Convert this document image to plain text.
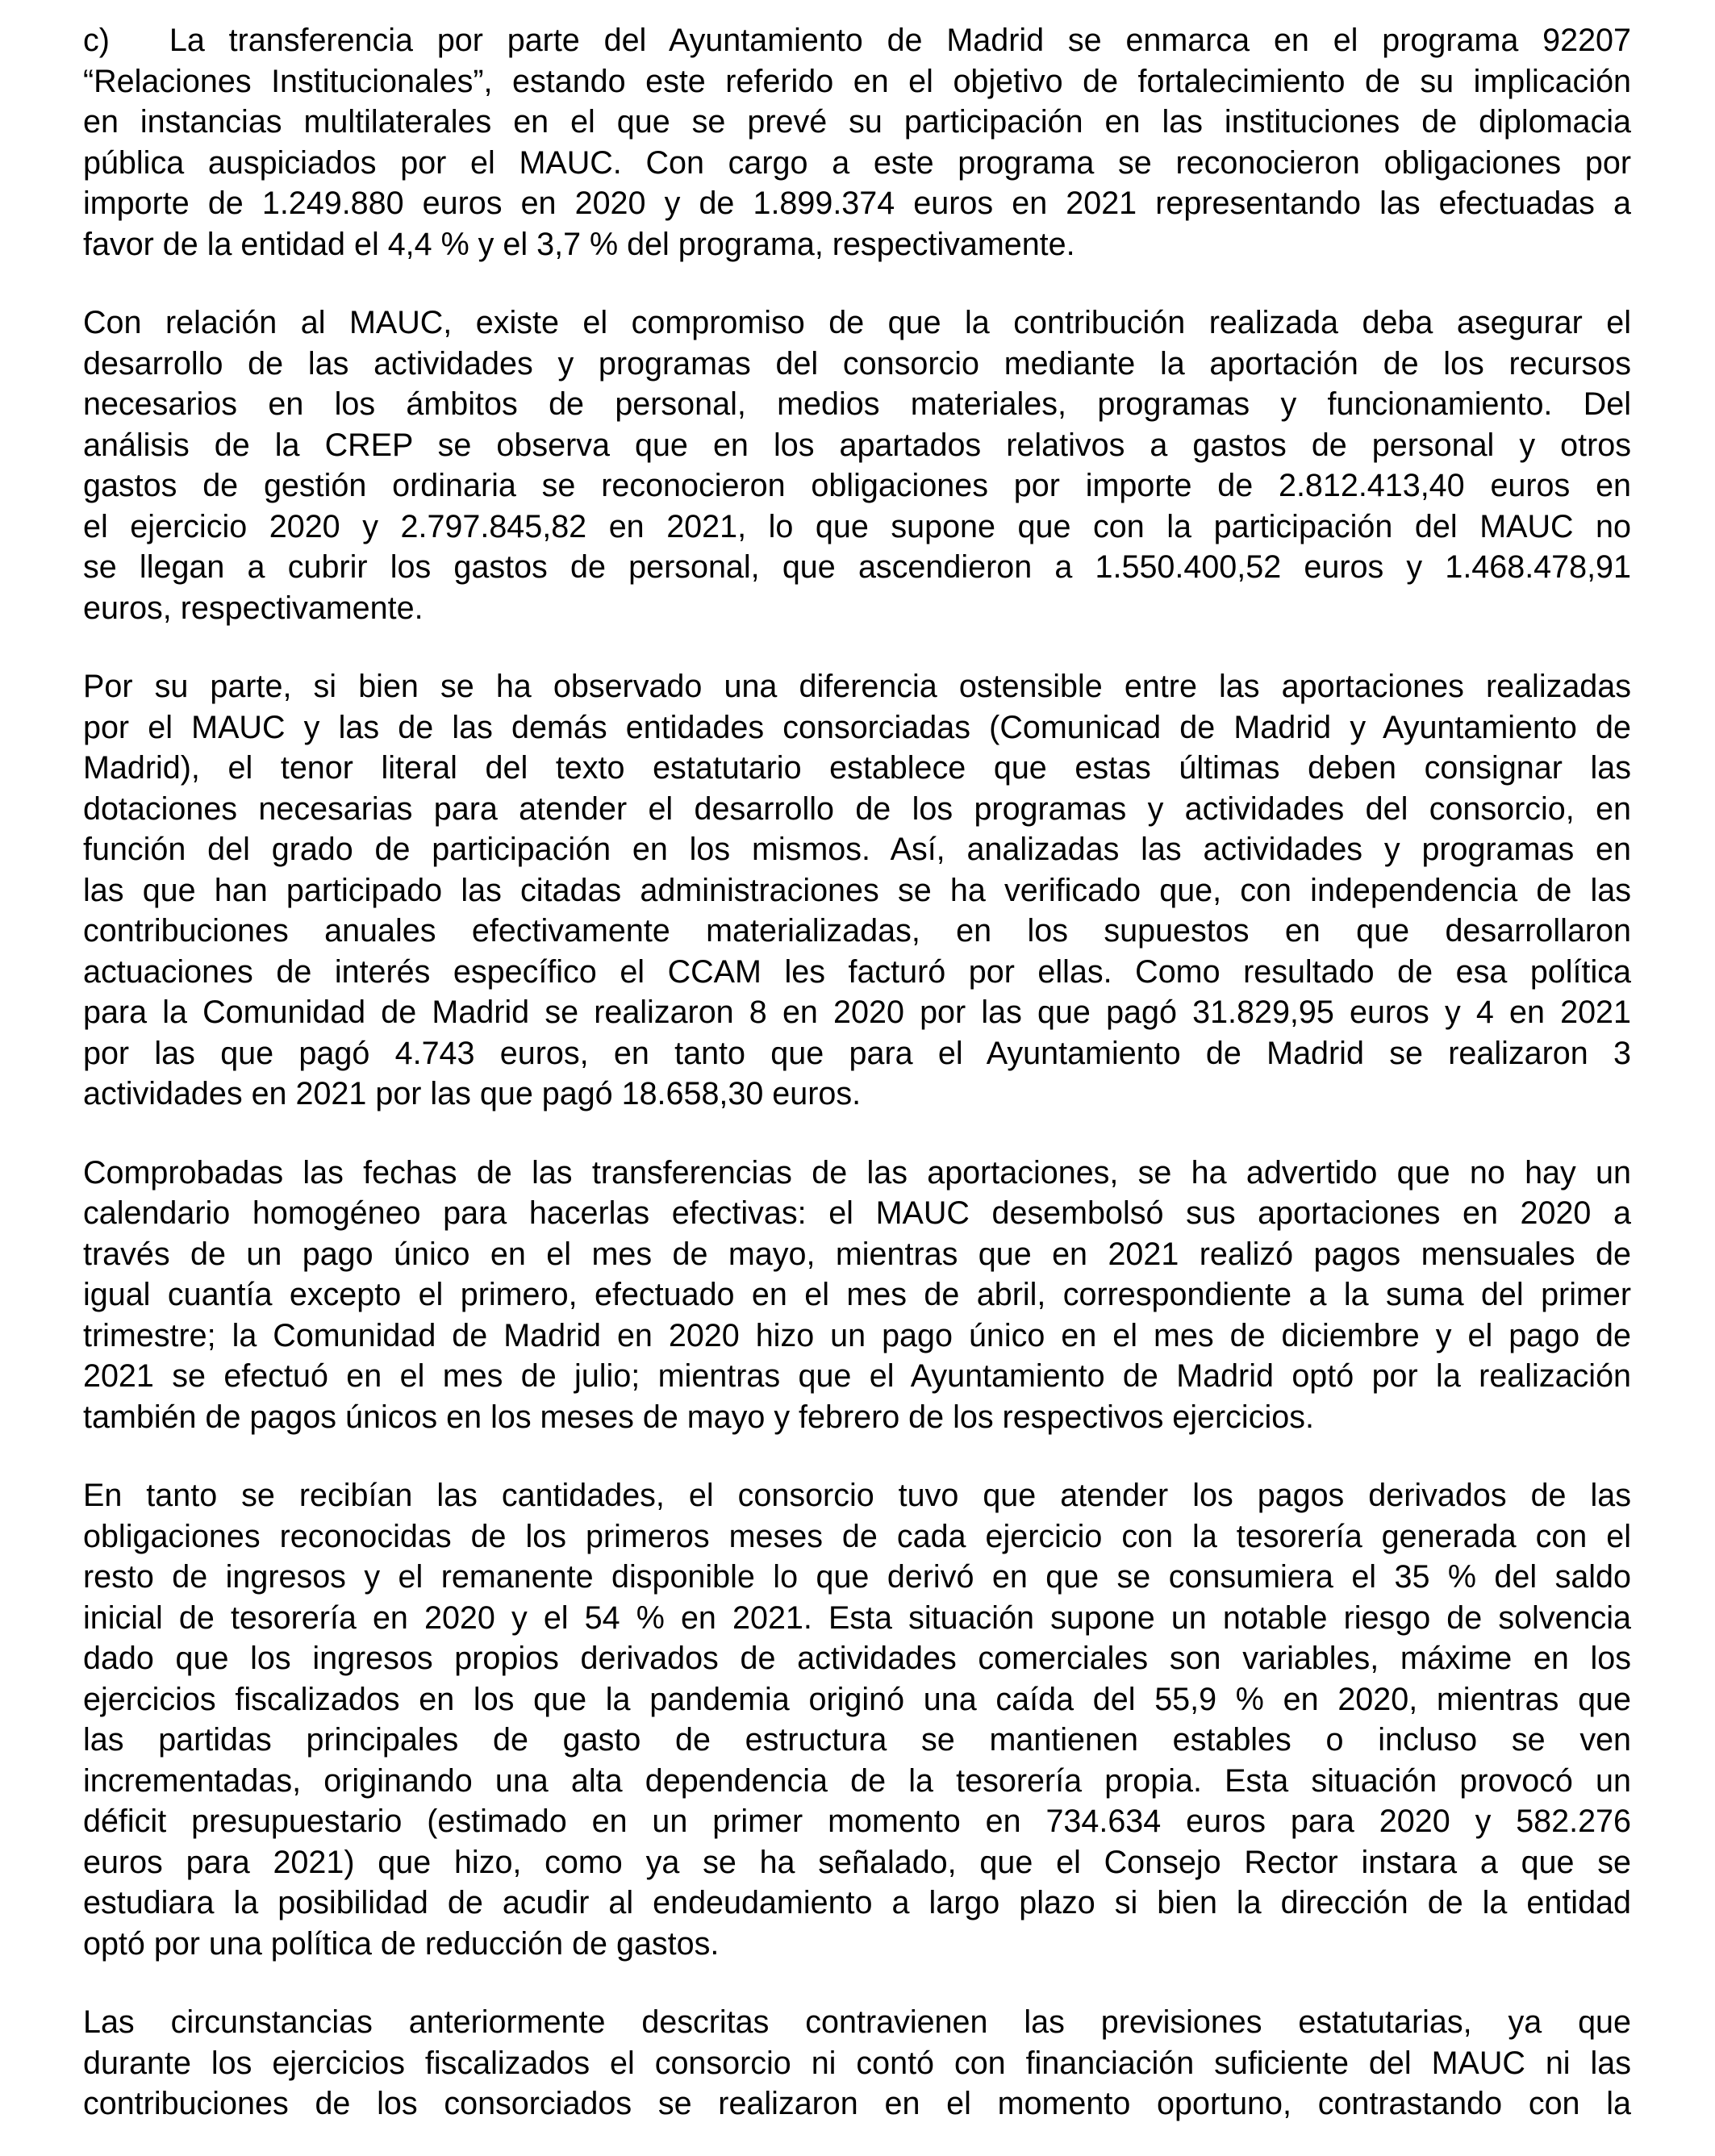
c) La transferencia por parte del Ayuntamiento de Madrid se enmarca en el programa 92207
“Relaciones Institucionales”, estando este referido en el objetivo de fortalecimiento de su implicación
en instancias multilaterales en el que se prevé su participación en las instituciones de diplomacia
pública auspiciados por el MAUC. Con cargo a este programa se reconocieron obligaciones por
importe de 1.249.880 euros en 2020 y de 1.899.374 euros en 2021 representando las efectuadas a
favor de la entidad el 4,4 % y el 3,7 % del programa, respectivamente.
Con relación al MAUC, existe el compromiso de que la contribución realizada deba asegurar el
desarrollo de las actividades y programas del consorcio mediante la aportación de los recursos
necesarios en los ámbitos de personal, medios materiales, programas y funcionamiento. Del
análisis de la CREP se observa que en los apartados relativos a gastos de personal y otros
gastos de gestión ordinaria se reconocieron obligaciones por importe de 2.812.413,40 euros en
el ejercicio 2020 y 2.797.845,82 en 2021, lo que supone que con la participación del MAUC no
se llegan a cubrir los gastos de personal, que ascendieron a 1.550.400,52 euros y 1.468.478,91
euros, respectivamente.
Por su parte, si bien se ha observado una diferencia ostensible entre las aportaciones realizadas
por el MAUC y las de las demás entidades consorciadas (Comunicad de Madrid y Ayuntamiento de
Madrid), el tenor literal del texto estatutario establece que estas últimas deben consignar las
dotaciones necesarias para atender el desarrollo de los programas y actividades del consorcio, en
función del grado de participación en los mismos. Así, analizadas las actividades y programas en
las que han participado las citadas administraciones se ha verificado que, con independencia de las
contribuciones anuales efectivamente materializadas, en los supuestos en que desarrollaron
actuaciones de interés específico el CCAM les facturó por ellas. Como resultado de esa política
para la Comunidad de Madrid se realizaron 8 en 2020 por las que pagó 31.829,95 euros y 4 en 2021
por las que pagó 4.743 euros, en tanto que para el Ayuntamiento de Madrid se realizaron 3
actividades en 2021 por las que pagó 18.658,30 euros.
Comprobadas las fechas de las transferencias de las aportaciones, se ha advertido que no hay un
calendario homogéneo para hacerlas efectivas: el MAUC desembolsó sus aportaciones en 2020 a
través de un pago único en el mes de mayo, mientras que en 2021 realizó pagos mensuales de
igual cuantía excepto el primero, efectuado en el mes de abril, correspondiente a la suma del primer
trimestre; la Comunidad de Madrid en 2020 hizo un pago único en el mes de diciembre y el pago de
2021 se efectuó en el mes de julio; mientras que el Ayuntamiento de Madrid optó por la realización
también de pagos únicos en los meses de mayo y febrero de los respectivos ejercicios.
En tanto se recibían las cantidades, el consorcio tuvo que atender los pagos derivados de las
obligaciones reconocidas de los primeros meses de cada ejercicio con la tesorería generada con el
resto de ingresos y el remanente disponible lo que derivó en que se consumiera el 35 % del saldo
inicial de tesorería en 2020 y el 54 % en 2021. Esta situación supone un notable riesgo de solvencia
dado que los ingresos propios derivados de actividades comerciales son variables, máxime en los
ejercicios fiscalizados en los que la pandemia originó una caída del 55,9 % en 2020, mientras que
las partidas principales de gasto de estructura se mantienen estables o incluso se ven
incrementadas, originando una alta dependencia de la tesorería propia. Esta situación provocó un
déficit presupuestario (estimado en un primer momento en 734.634 euros para 2020 y 582.276
euros para 2021) que hizo, como ya se ha señalado, que el Consejo Rector instara a que se
estudiara la posibilidad de acudir al endeudamiento a largo plazo si bien la dirección de la entidad
optó por una política de reducción de gastos.
Las circunstancias anteriormente descritas contravienen las previsiones estatutarias, ya que
durante los ejercicios fiscalizados el consorcio ni contó con financiación suficiente del MAUC ni las
contribuciones de los consorciados se realizaron en el momento oportuno, contrastando con la
